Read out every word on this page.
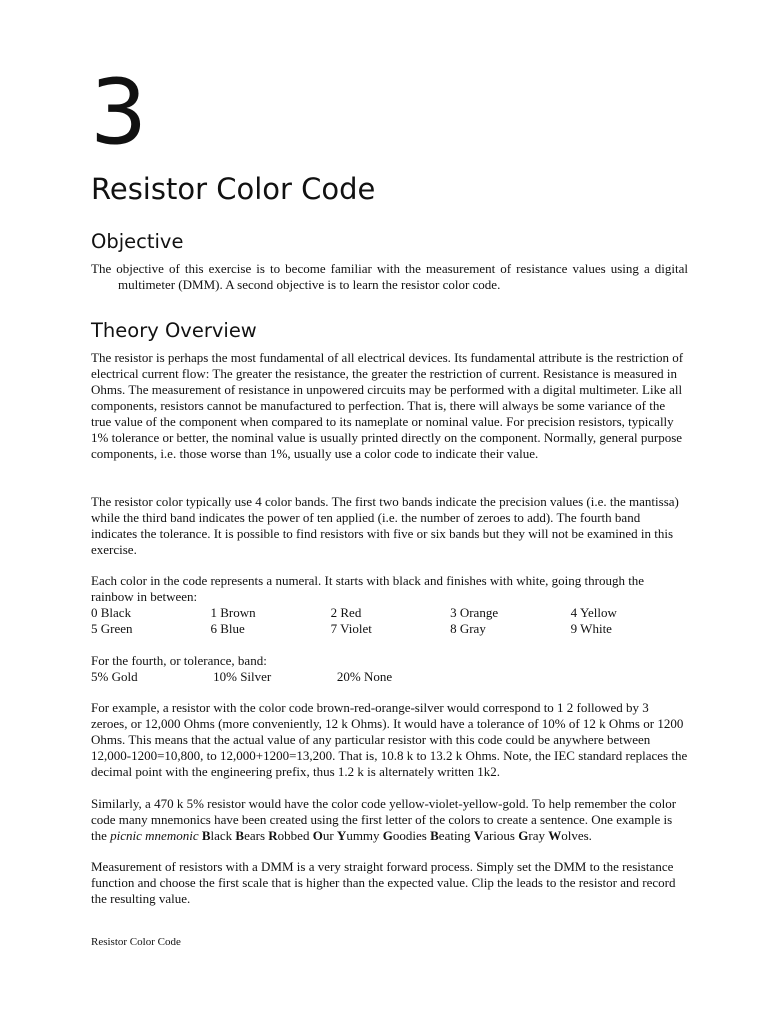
3
Resistor Color Code
Objective

The objective of this exercise is to become familiar with the measurement of resistance values using a digital multimeter (DMM). A second objective is to learn the resistor color code.

Theory Overview

The resistor is perhaps the most fundamental of all electrical devices. Its fundamental attribute is the restriction of electrical current flow: The greater the resistance, the greater the restriction of current. Resistance is measured in Ohms. The measurement of resistance in unpowered circuits may be performed with a digital multimeter. Like all components, resistors cannot be manufactured to perfection. That is, there will always be some variance of the true value of the component when compared to its nameplate or nominal value. For precision resistors, typically 1% tolerance or better, the nominal value is usually printed directly on the component. Normally, general purpose components, i.e. those worse than 1%, usually use a color code to indicate their value.

The resistor color typically use 4 color bands. The first two bands indicate the precision values (i.e. the mantissa) while the third band indicates the power of ten applied (i.e. the number of zeroes to add). The fourth band indicates the tolerance. It is possible to find resistors with five or six bands but they will not be examined in this exercise.

Each color in the code represents a numeral. It starts with black and finishes with white, going through the rainbow in between:

0 Black	1 Brown	2 Red	3 Orange	4 Yellow
5 Green	6 Blue	7 Violet	8 Gray	9 White

For the fourth, or tolerance, band:

5% Gold	10% Silver	20% None		

For example, a resistor with the color code brown-red-orange-silver would correspond to 1 2 followed by 3 zeroes, or 12,000 Ohms (more conveniently, 12 k Ohms). It would have a tolerance of 10% of 12 k Ohms or 1200 Ohms. This means that the actual value of any particular resistor with this code could be anywhere between 12,000-1200=10,800, to 12,000+1200=13,200. That is, 10.8 k to 13.2 k Ohms. Note, the IEC standard replaces the decimal point with the engineering prefix, thus 1.2 k is alternately written 1k2.

Similarly, a 470 k 5% resistor would have the color code yellow-violet-yellow-gold. To help remember the color code many mnemonics have been created using the first letter of the colors to create a sentence. One example is the picnic mnemonic Black Bears Robbed Our Yummy Goodies Beating Various Gray Wolves.

Measurement of resistors with a DMM is a very straight forward process. Simply set the DMM to the resistance function and choose the first scale that is higher than the expected value. Clip the leads to the resistor and record the resulting value.

Resistor Color Code
